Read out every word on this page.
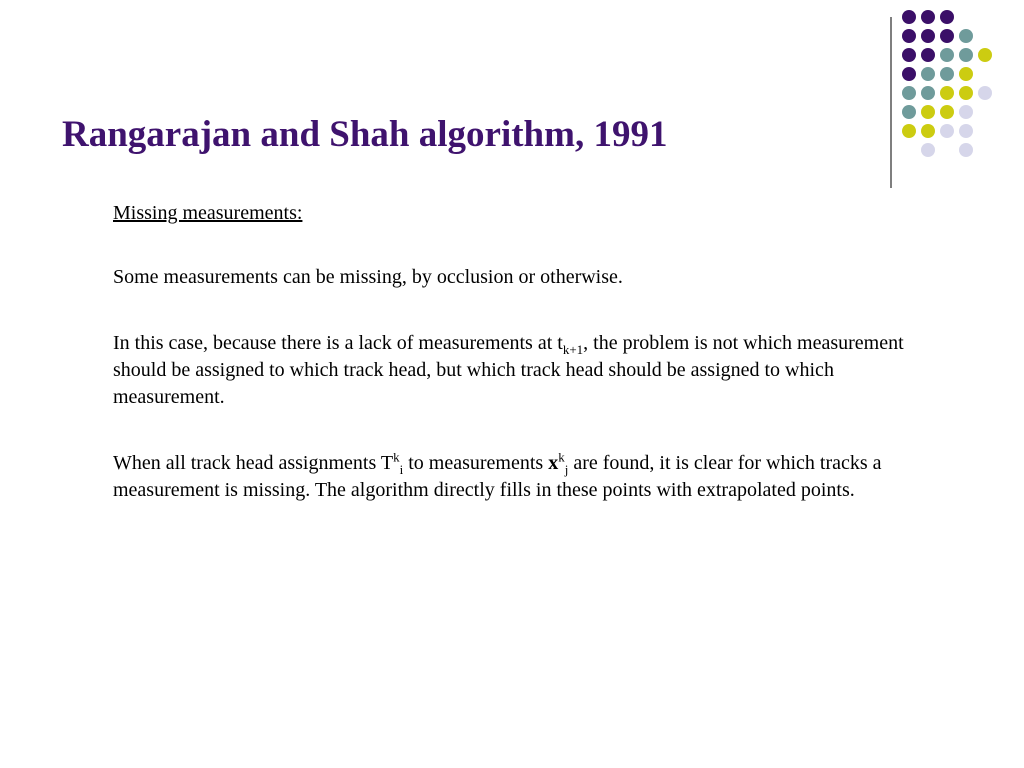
Rangarajan and Shah algorithm, 1991

Missing measurements:

Some measurements can be missing, by occlusion or otherwise.

In this case, because there is a lack of measurements at $t_{k+1}$, the problem is not which measurement should be assigned to which track head, but which track head should be assigned to which measurement.

When all track head assignments $T^k_i$ to measurements $x^k_j$ are found, it is clear for which tracks a measurement is missing. The algorithm directly fills in these points with extrapolated points.
